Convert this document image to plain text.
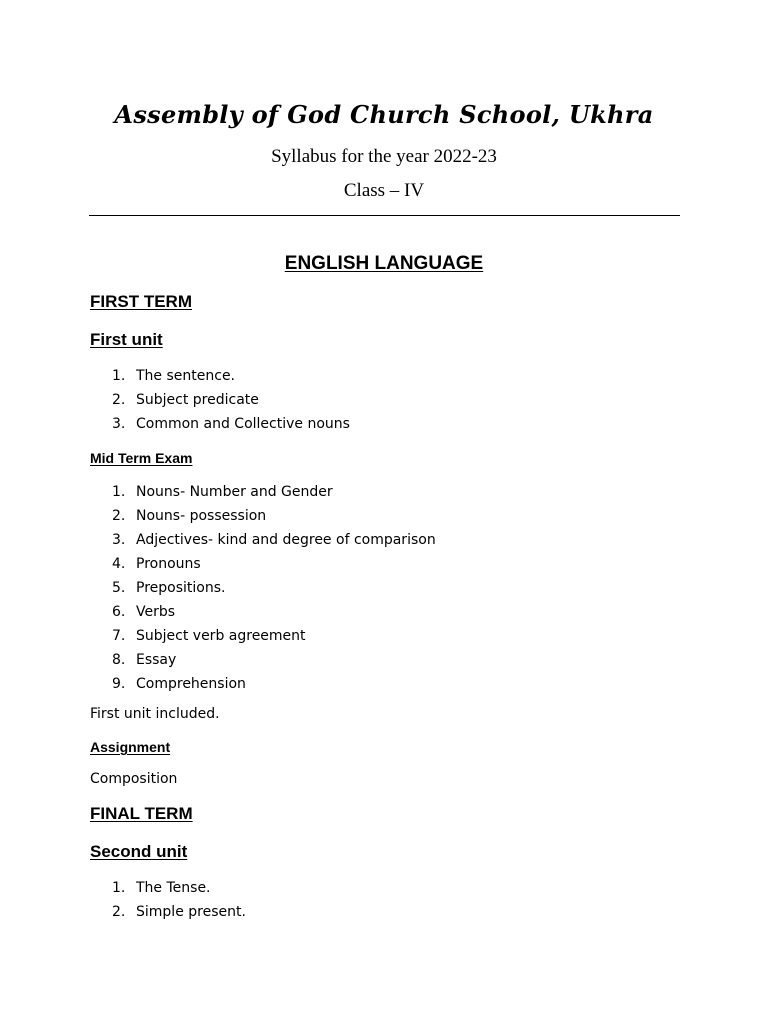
Assembly of God Church School, Ukhra
Syllabus for the year 2022-23
Class – IV
ENGLISH LANGUAGE
FIRST TERM
First unit
1. The sentence.
2. Subject predicate
3. Common and Collective nouns
Mid Term Exam
1. Nouns- Number and Gender
2. Nouns- possession
3. Adjectives- kind and degree of comparison
4. Pronouns
5. Prepositions.
6. Verbs
7. Subject verb agreement
8. Essay
9. Comprehension
First unit included.
Assignment
Composition
FINAL TERM
Second unit
1. The Tense.
2. Simple present.
